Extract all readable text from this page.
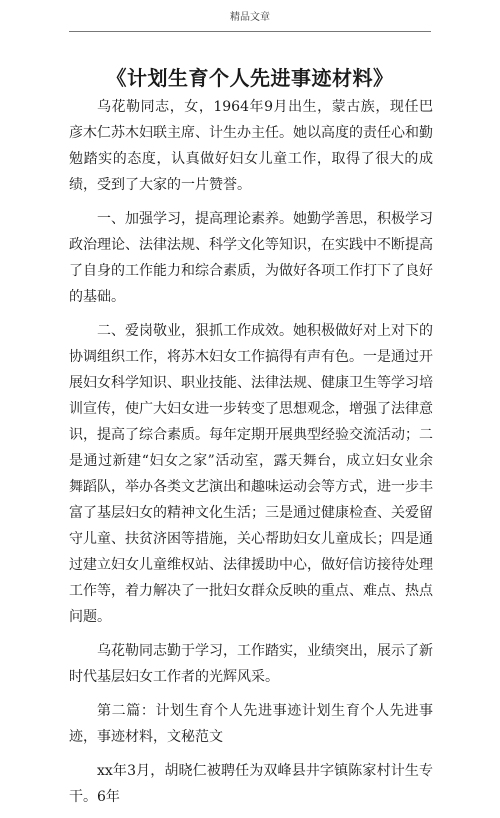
精品文章
《计划生育个人先进事迹材料》

乌花勒同志，女，1964年9月出生，蒙古族，现任巴彦木仁苏木妇联主席、计生办主任。她以高度的责任心和勤勉踏实的态度，认真做好妇女儿童工作，取得了很大的成绩，受到了大家的一片赞誉。

一、加强学习，提高理论素养。她勤学善思，积极学习政治理论、法律法规、科学文化等知识，在实践中不断提高了自身的工作能力和综合素质，为做好各项工作打下了良好的基础。

二、爱岗敬业，狠抓工作成效。她积极做好对上对下的协调组织工作，将苏木妇女工作搞得有声有色。一是通过开展妇女科学知识、职业技能、法律法规、健康卫生等学习培训宣传，使广大妇女进一步转变了思想观念，增强了法律意识，提高了综合素质。每年定期开展典型经验交流活动；二是通过新建“妇女之家”活动室，露天舞台，成立妇女业余舞蹈队，举办各类文艺演出和趣味运动会等方式，进一步丰富了基层妇女的精神文化生活；三是通过健康检查、关爱留守儿童、扶贫济困等措施，关心帮助妇女儿童成长；四是通过建立妇女儿童维权站、法律援助中心，做好信访接待处理工作等，着力解决了一批妇女群众反映的重点、难点、热点问题。

乌花勒同志勤于学习，工作踏实，业绩突出，展示了新时代基层妇女工作者的光辉风采。

第二篇：计划生育个人先进事迹计划生育个人先进事迹，事迹材料，文秘范文

xx年3月，胡晓仁被聘任为双峰县井字镇陈家村计生专干。6年
